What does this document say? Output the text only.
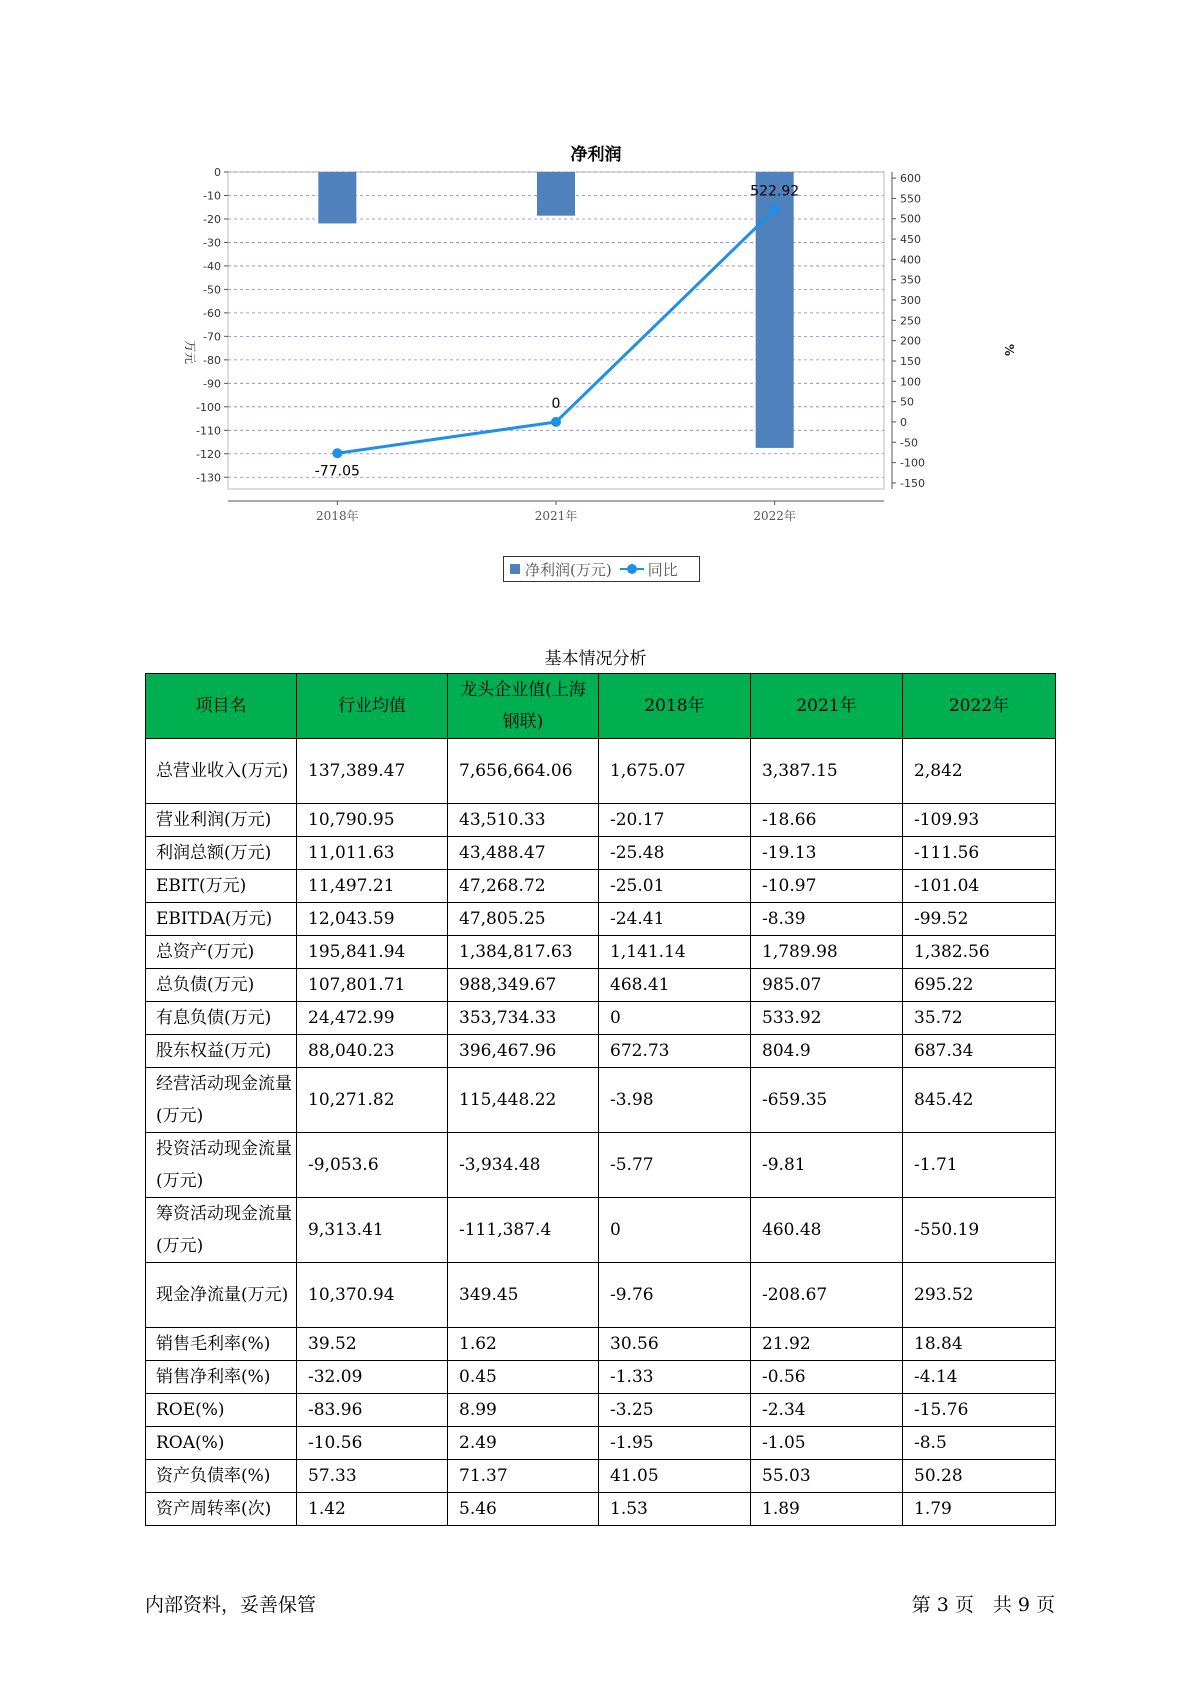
净利润
0
-10
-20
-30
-40
-50
-60
-70
-80
-90
-100
-110
-120
-130
600
550
500
450
400
350
300
250
200
150
100
50
0
-50
-100
-150
2018年	2021年	2022年
-77.05
0
522.92
万元	%
净利润(万元) 同比
基本情况分析
项目名	行业均值	龙头企业值(上海钢联)	2018年	2021年	2022年
总营业收入(万元)	137,389.47	7,656,664.06	1,675.07	3,387.15	2,842
营业利润(万元)	10,790.95	43,510.33	-20.17	-18.66	-109.93
利润总额(万元)	11,011.63	43,488.47	-25.48	-19.13	-111.56
EBIT(万元)	11,497.21	47,268.72	-25.01	-10.97	-101.04
EBITDA(万元)	12,043.59	47,805.25	-24.41	-8.39	-99.52
总资产(万元)	195,841.94	1,384,817.63	1,141.14	1,789.98	1,382.56
总负债(万元)	107,801.71	988,349.67	468.41	985.07	695.22
有息负债(万元)	24,472.99	353,734.33	0	533.92	35.72
股东权益(万元)	88,040.23	396,467.96	672.73	804.9	687.34
经营活动现金流量(万元)	10,271.82	115,448.22	-3.98	-659.35	845.42
投资活动现金流量(万元)	-9,053.6	-3,934.48	-5.77	-9.81	-1.71
筹资活动现金流量(万元)	9,313.41	-111,387.4	0	460.48	-550.19
现金净流量(万元)	10,370.94	349.45	-9.76	-208.67	293.52
销售毛利率(%)	39.52	1.62	30.56	21.92	18.84
销售净利率(%)	-32.09	0.45	-1.33	-0.56	-4.14
ROE(%)	-83.96	8.99	-3.25	-2.34	-15.76
ROA(%)	-10.56	2.49	-1.95	-1.05	-8.5
资产负债率(%)	57.33	71.37	41.05	55.03	50.28
资产周转率(次)	1.42	5.46	1.53	1.89	1.79
内部资料，妥善保管	第 3 页　共 9 页
